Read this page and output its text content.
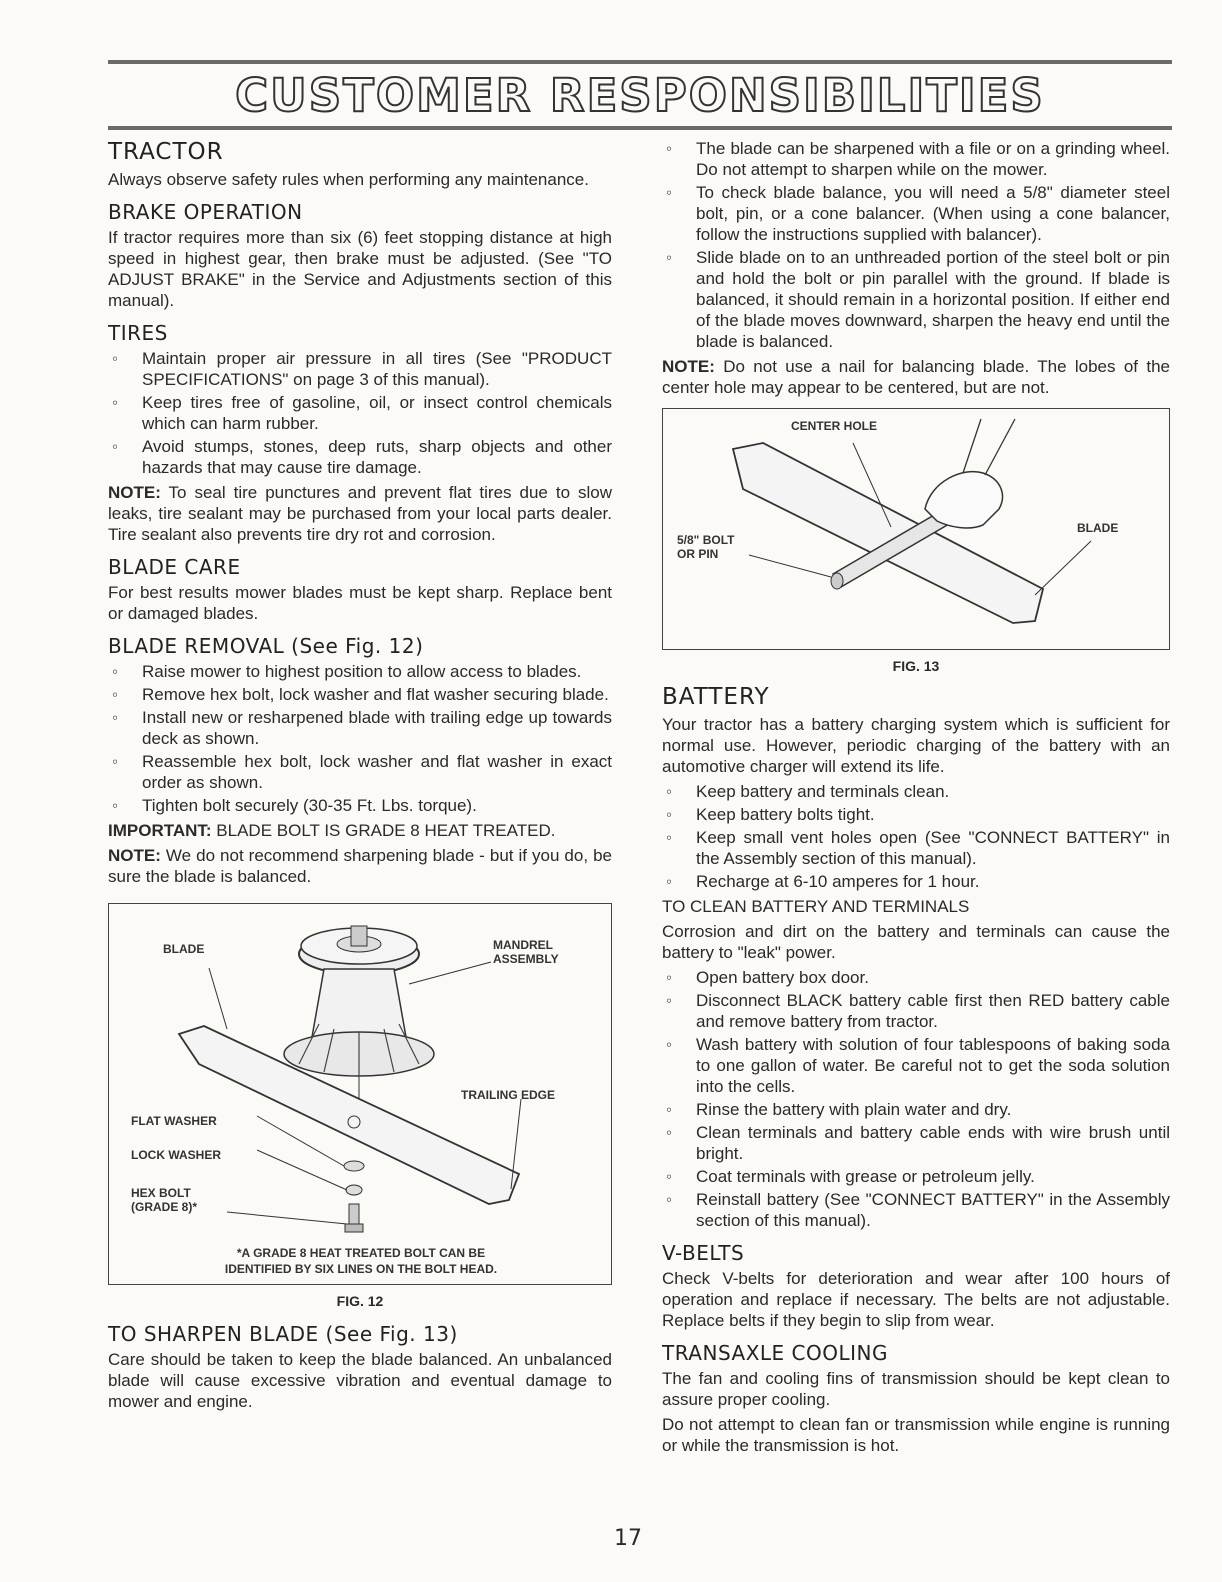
CUSTOMER RESPONSIBILITIES
TRACTOR

Always observe safety rules when performing any maintenance.

BRAKE OPERATION

If tractor requires more than six (6) feet stopping distance at high speed in highest gear, then brake must be adjusted. (See "TO ADJUST BRAKE" in the Service and Adjustments section of this manual).

TIRES
◦ Maintain proper air pressure in all tires (See "PRODUCT SPECIFICATIONS" on page 3 of this manual).
◦ Keep tires free of gasoline, oil, or insect control chemicals which can harm rubber.
◦ Avoid stumps, stones, deep ruts, sharp objects and other hazards that may cause tire damage.

NOTE: To seal tire punctures and prevent flat tires due to slow leaks, tire sealant may be purchased from your local parts dealer. Tire sealant also prevents tire dry rot and corrosion.

BLADE CARE

For best results mower blades must be kept sharp. Replace bent or damaged blades.

BLADE REMOVAL (See Fig. 12)
◦ Raise mower to highest position to allow access to blades.
◦ Remove hex bolt, lock washer and flat washer securing blade.
◦ Install new or resharpened blade with trailing edge up towards deck as shown.
◦ Reassemble hex bolt, lock washer and flat washer in exact order as shown.
◦ Tighten bolt securely (30-35 Ft. Lbs. torque).

IMPORTANT: BLADE BOLT IS GRADE 8 HEAT TREATED.

NOTE: We do not recommend sharpening blade - but if you do, be sure the blade is balanced.

BLADE	MANDREL ASSEMBLY
TRAILING EDGE
FLAT WASHER
LOCK WASHER
HEX BOLT
(GRADE 8)*
*A GRADE 8 HEAT TREATED BOLT CAN BE
IDENTIFIED BY SIX LINES ON THE BOLT HEAD.
FIG. 12
TO SHARPEN BLADE (See Fig. 13)

Care should be taken to keep the blade balanced. An unbalanced blade will cause excessive vibration and eventual damage to mower and engine.

◦ The blade can be sharpened with a file or on a grinding wheel. Do not attempt to sharpen while on the mower.
◦ To check blade balance, you will need a 5/8" diameter steel bolt, pin, or a cone balancer. (When using a cone balancer, follow the instructions supplied with balancer).
◦ Slide blade on to an unthreaded portion of the steel bolt or pin and hold the bolt or pin parallel with the ground. If blade is balanced, it should remain in a horizontal position. If either end of the blade moves downward, sharpen the heavy end until the blade is balanced.

NOTE: Do not use a nail for balancing blade. The lobes of the center hole may appear to be centered, but are not.

CENTER HOLE
5/8" BOLT
OR PIN
BLADE
FIG. 13
BATTERY

Your tractor has a battery charging system which is sufficient for normal use. However, periodic charging of the battery with an automotive charger will extend its life.

◦ Keep battery and terminals clean.
◦ Keep battery bolts tight.
◦ Keep small vent holes open (See "CONNECT BATTERY" in the Assembly section of this manual).
◦ Recharge at 6-10 amperes for 1 hour.

TO CLEAN BATTERY AND TERMINALS

Corrosion and dirt on the battery and terminals can cause the battery to "leak" power.

◦ Open battery box door.
◦ Disconnect BLACK battery cable first then RED battery cable and remove battery from tractor.
◦ Wash battery with solution of four tablespoons of baking soda to one gallon of water. Be careful not to get the soda solution into the cells.
◦ Rinse the battery with plain water and dry.
◦ Clean terminals and battery cable ends with wire brush until bright.
◦ Coat terminals with grease or petroleum jelly.
◦ Reinstall battery (See "CONNECT BATTERY" in the Assembly section of this manual).
V-BELTS

Check V-belts for deterioration and wear after 100 hours of operation and replace if necessary. The belts are not adjustable. Replace belts if they begin to slip from wear.

TRANSAXLE COOLING

The fan and cooling fins of transmission should be kept clean to assure proper cooling.

Do not attempt to clean fan or transmission while engine is running or while the transmission is hot.

17
